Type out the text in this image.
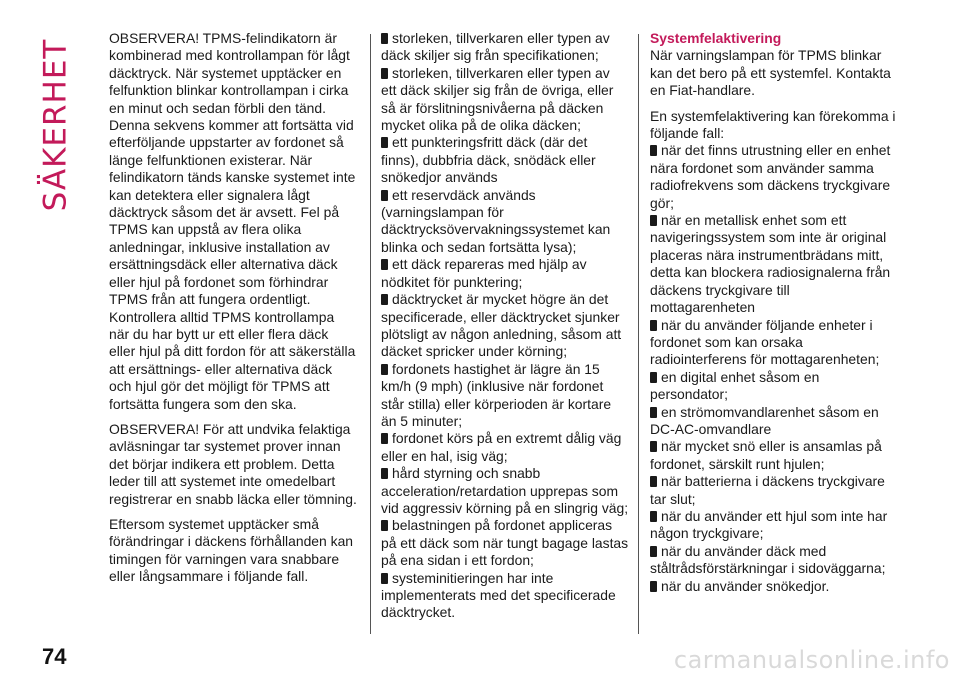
SÄKERHET

OBSERVERA! TPMS-felindikatorn är kombinerad med kontrollampan för lågt däcktryck. När systemet upptäcker en felfunktion blinkar kontrollampan i cirka en minut och sedan förbli den tänd. Denna sekvens kommer att fortsätta vid efterföljande uppstarter av fordonet så länge felfunktionen existerar. När felindikatorn tänds kanske systemet inte kan detektera eller signalera lågt däcktryck såsom det är avsett. Fel på TPMS kan uppstå av flera olika anledningar, inklusive installation av ersättningsdäck eller alternativa däck eller hjul på fordonet som förhindrar TPMS från att fungera ordentligt. Kontrollera alltid TPMS kontrollampa när du har bytt ur ett eller flera däck eller hjul på ditt fordon för att säkerställa att ersättnings- eller alternativa däck och hjul gör det möjligt för TPMS att fortsätta fungera som den ska.

OBSERVERA! För att undvika felaktiga avläsningar tar systemet prover innan det börjar indikera ett problem. Detta leder till att systemet inte omedelbart registrerar en snabb läcka eller tömning.

Eftersom systemet upptäcker små förändringar i däckens förhållanden kan timingen för varningen vara snabbare eller långsammare i följande fall.

storleken, tillverkaren eller typen av däck skiljer sig från specifikationen;
storleken, tillverkaren eller typen av ett däck skiljer sig från de övriga, eller så är förslitningsnivåerna på däcken mycket olika på de olika däcken;
ett punkteringsfritt däck (där det finns), dubbfria däck, snödäck eller snökedjor används
ett reservdäck används (varningslampan för däcktrycksövervakningssystemet kan blinka och sedan fortsätta lysa);
ett däck repareras med hjälp av nödkitet för punktering;
däcktrycket är mycket högre än det specificerade, eller däcktrycket sjunker plötsligt av någon anledning, såsom att däcket spricker under körning;
fordonets hastighet är lägre än 15 km/h (9 mph) (inklusive när fordonet står stilla) eller körperioden är kortare än 5 minuter;
fordonet körs på en extremt dålig väg eller en hal, isig väg;
hård styrning och snabb acceleration/retardation upprepas som vid aggressiv körning på en slingrig väg;
belastningen på fordonet appliceras på ett däck som när tungt bagage lastas på ena sidan i ett fordon;
systeminitieringen har inte implementerats med det specificerade däcktrycket.
Systemfelaktivering

När varningslampan för TPMS blinkar kan det bero på ett systemfel. Kontakta en Fiat-handlare.

En systemfelaktivering kan förekomma i följande fall:
när det finns utrustning eller en enhet nära fordonet som använder samma radiofrekvens som däckens tryckgivare gör;
när en metallisk enhet som ett navigeringssystem som inte är original placeras nära instrumentbrädans mitt, detta kan blockera radiosignalerna från däckens tryckgivare till mottagarenheten
när du använder följande enheter i fordonet som kan orsaka radiointerferens för mottagarenheten;
en digital enhet såsom en persondator;
en strömomvandlarenhet såsom en DC-AC-omvandlare
när mycket snö eller is ansamlas på fordonet, särskilt runt hjulen;
när batterierna i däckens tryckgivare tar slut;
när du använder ett hjul som inte har någon tryckgivare;
när du använder däck med ståltrådsförstärkningar i sidoväggarna;
när du använder snökedjor.
74	carmanualsonline.info
